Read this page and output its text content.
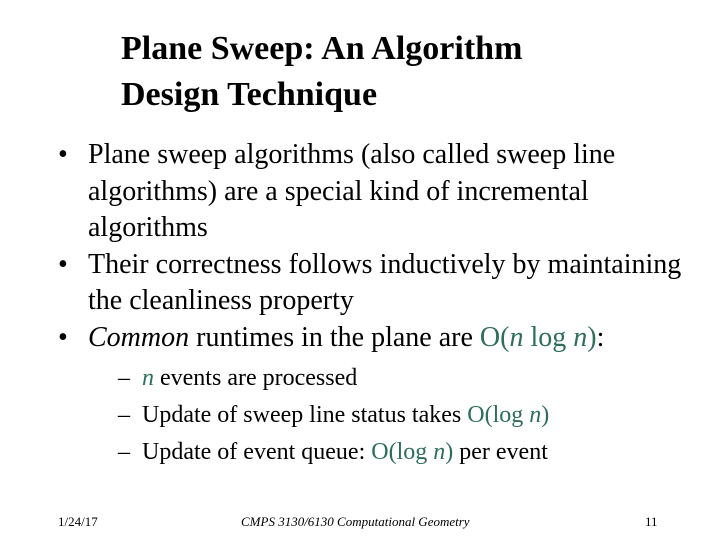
Plane Sweep: An Algorithm
Design Technique
• Plane sweep algorithms (also called sweep line algorithms) are a special kind of incremental algorithms
• Their correctness follows inductively by maintaining the cleanliness property
• Common runtimes in the plane are O(n log n):
– n events are processed
– Update of sweep line status takes O(log n)
– Update of event queue: O(log n) per event
1/24/17	CMPS 3130/6130 Computational Geometry	11
